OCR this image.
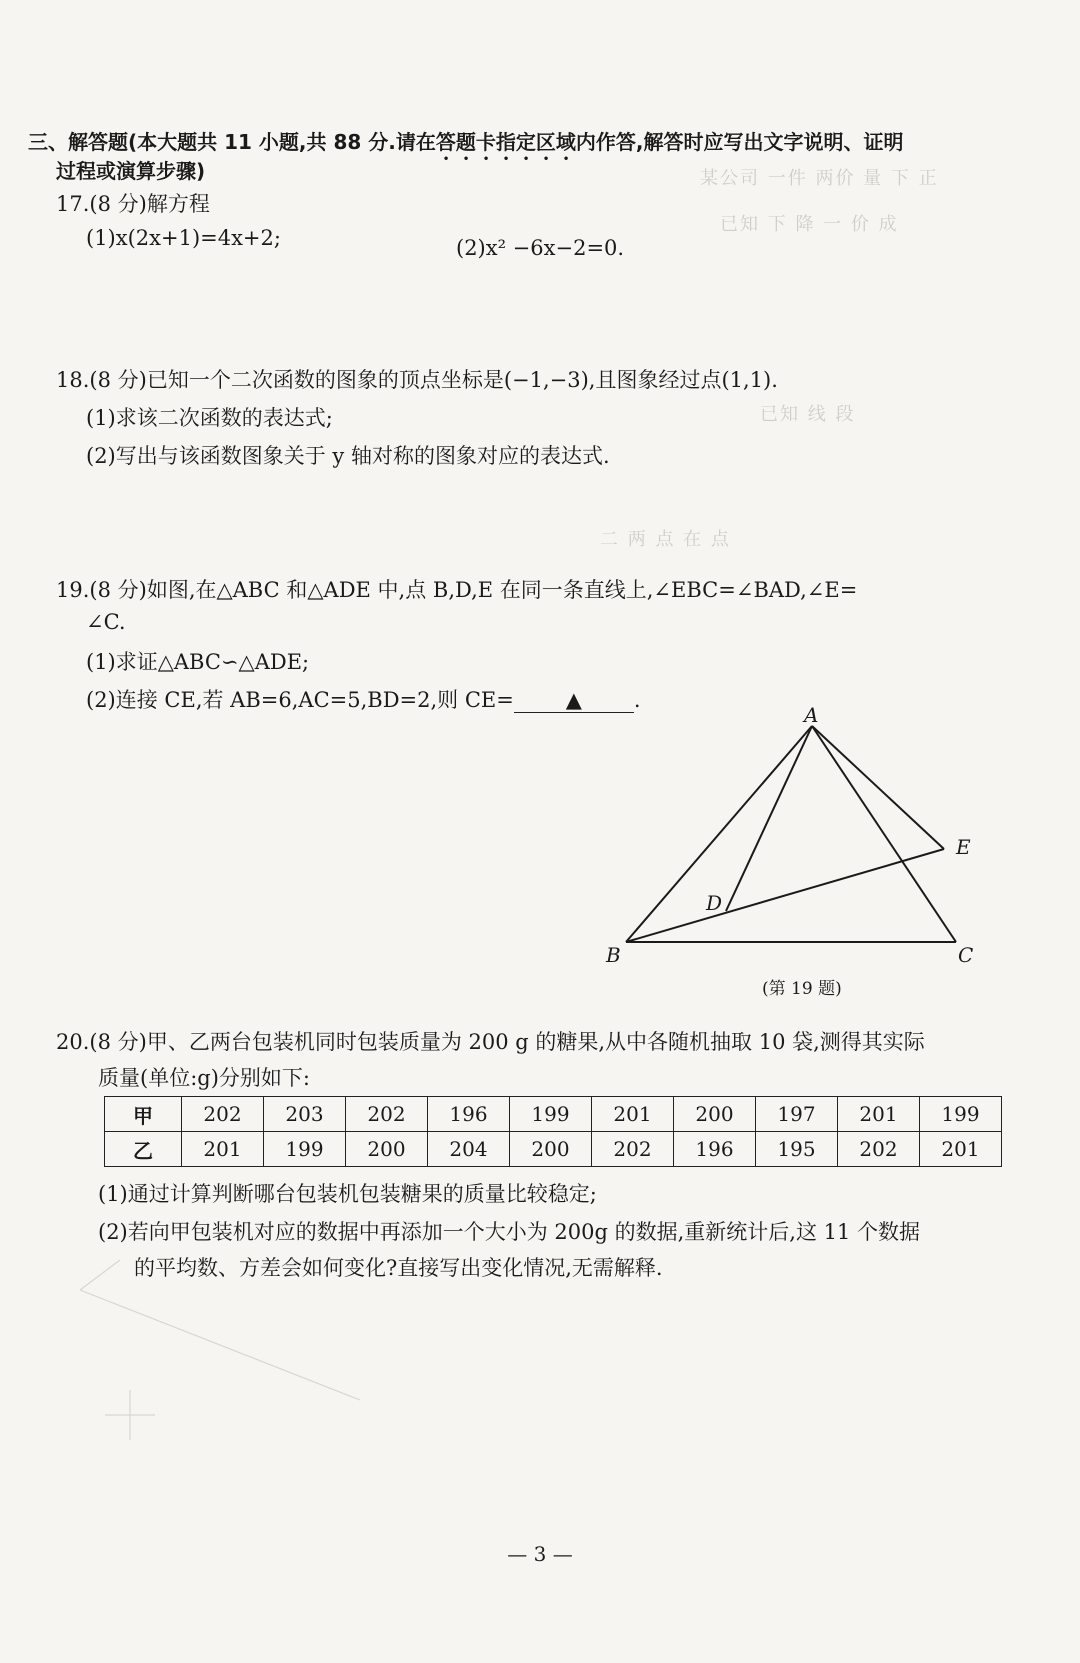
某公司 一件 两价 量 下 正
已知 下 降 一 价 成
已知 线 段
二 两 点 在 点
三、解答题(本大题共 11 小题,共 88 分.请在答题卡指定区域内作答,解答时应写出文字说明、证明
过程或演算步骤)
17.(8 分)解方程
(1)x(2x+1)=4x+2;	(2)x² −6x−2=0.
18.(8 分)已知一个二次函数的图象的顶点坐标是(−1,−3),且图象经过点(1,1).
(1)求该二次函数的表达式;
(2)写出与该函数图象关于 y 轴对称的图象对应的表达式.
19.(8 分)如图,在△ABC 和△ADE 中,点 B,D,E 在同一条直线上,∠EBC=∠BAD,∠E=
∠C.
(1)求证△ABC∽△ADE;
(2)连接 CE,若 AB=6,AC=5,BD=2,则 CE= ▲ .
A
B	C
D
E
(第 19 题)
20.(8 分)甲、乙两台包装机同时包装质量为 200 g 的糖果,从中各随机抽取 10 袋,测得其实际
质量(单位:g)分别如下:
甲	202	203	202	196	199	201	200	197	201	199
乙	201	199	200	204	200	202	196	195	202	201
(1)通过计算判断哪台包装机包装糖果的质量比较稳定;
(2)若向甲包装机对应的数据中再添加一个大小为 200g 的数据,重新统计后,这 11 个数据
的平均数、方差会如何变化?直接写出变化情况,无需解释.
— 3 —
